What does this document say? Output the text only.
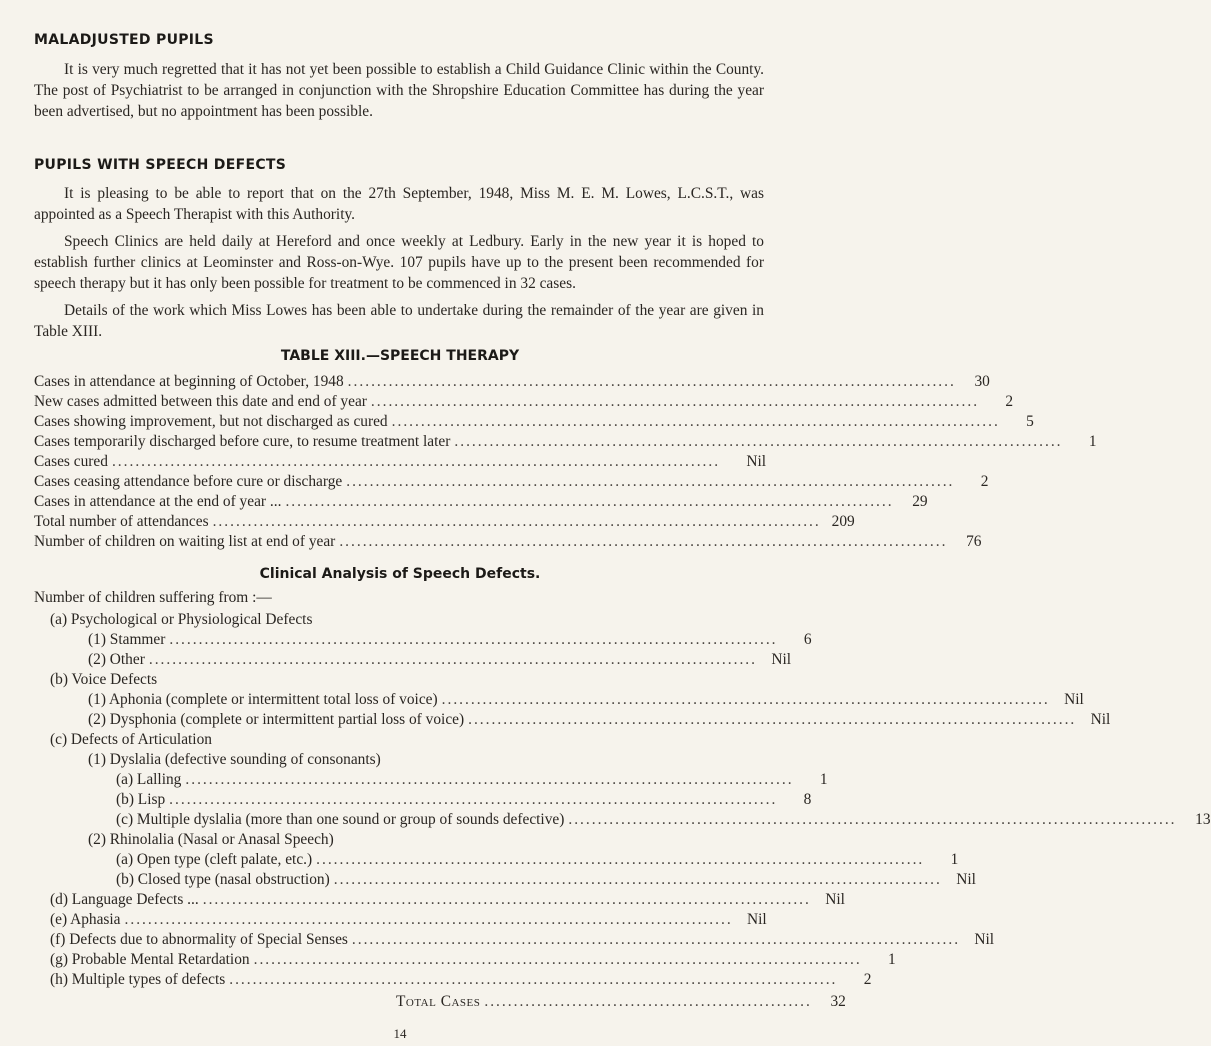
MALADJUSTED PUPILS
It is very much regretted that it has not yet been possible to establish a Child Guidance Clinic within the County. The post of Psychiatrist to be arranged in conjunction with the Shropshire Education Committee has during the year been advertised, but no appointment has been possible.
PUPILS WITH SPEECH DEFECTS
It is pleasing to be able to report that on the 27th September, 1948, Miss M. E. M. Lowes, L.C.S.T., was appointed as a Speech Therapist with this Authority.
Speech Clinics are held daily at Hereford and once weekly at Ledbury. Early in the new year it is hoped to establish further clinics at Leominster and Ross-on-Wye. 107 pupils have up to the present been recommended for speech therapy but it has only been possible for treatment to be commenced in 32 cases.
Details of the work which Miss Lowes has been able to undertake during the remainder of the year are given in Table XIII.
TABLE XIII.—SPEECH THERAPY
Cases in attendance at beginning of October, 1948 ........................................................................................................	30
New cases admitted between this date and end of year ........................................................................................................	2
Cases showing improvement, but not discharged as cured ........................................................................................................	5
Cases temporarily discharged before cure, to resume treatment later ........................................................................................................	1
Cases cured ........................................................................................................	Nil
Cases ceasing attendance before cure or discharge ........................................................................................................	2
Cases in attendance at the end of year ... ........................................................................................................	29
Total number of attendances ........................................................................................................ 209
Number of children on waiting list at end of year ........................................................................................................	76
Clinical Analysis of Speech Defects.
Number of children suffering from :—
(a) Psychological or Physiological Defects
(1) Stammer ........................................................................................................	6
(2) Other ........................................................................................................ Nil
(b) Voice Defects
(1) Aphonia (complete or intermittent total loss of voice) ........................................................................................................ Nil
(2) Dysphonia (complete or intermittent partial loss of voice) ........................................................................................................ Nil
(c) Defects of Articulation
(1) Dyslalia (defective sounding of consonants)
(a) Lalling ........................................................................................................	1
(b) Lisp ........................................................................................................	8
(c) Multiple dyslalia (more than one sound or group of sounds defective) ........................................................................................................	13
(2) Rhinolalia (Nasal or Anasal Speech)
(a) Open type (cleft palate, etc.) ........................................................................................................	1
(b) Closed type (nasal obstruction) ........................................................................................................ Nil
(d) Language Defects ... ........................................................................................................ Nil
(e) Aphasia ........................................................................................................ Nil
(f) Defects due to abnormality of Special Senses ........................................................................................................ Nil
(g) Probable Mental Retardation ........................................................................................................	1
(h) Multiple types of defects ........................................................................................................	2
Total Cases ........................................................	32
14
